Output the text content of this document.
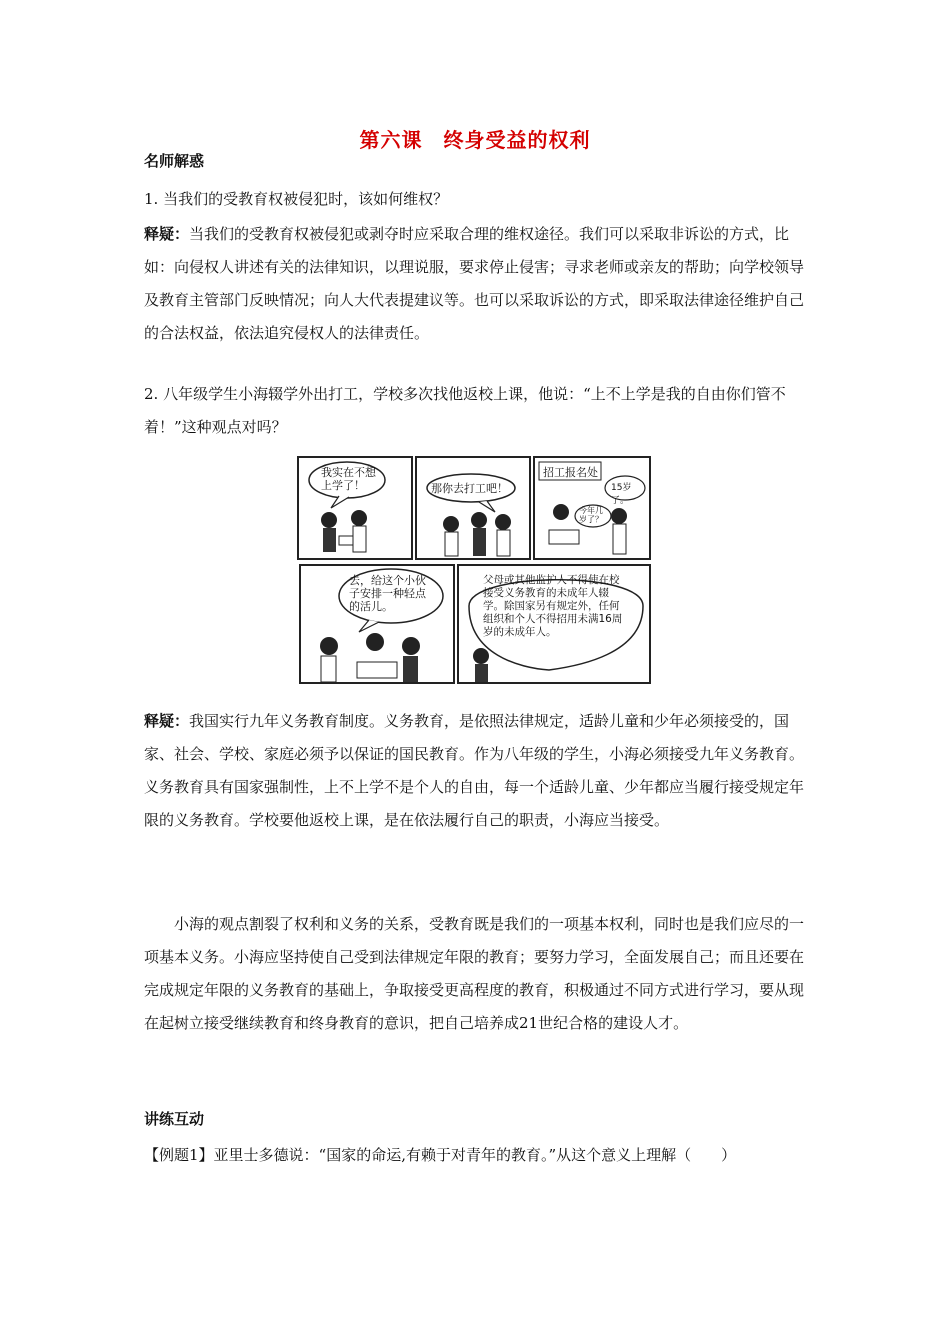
第六课　终身受益的权利
名师解惑
1. 当我们的受教育权被侵犯时，该如何维权？
释疑：当我们的受教育权被侵犯或剥夺时应采取合理的维权途径。我们可以采取非诉讼的方式，比如：向侵权人讲述有关的法律知识，以理说服，要求停止侵害；寻求老师或亲友的帮助；向学校领导及教育主管部门反映情况；向人大代表提建议等。也可以采取诉讼的方式，即采取法律途径维护自己的合法权益，依法追究侵权人的法律责任。
2. 八年级学生小海辍学外出打工，学校多次找他返校上课，他说：“上不上学是我的自由你们管不着！”这种观点对吗？
我实在不想上学了！	那你去打工吧！
招工报名处
15岁了。
今年几岁了？
去，给这个小伙子安排一种轻点的活儿。
父母或其他监护人不得使在校接受义务教育的未成年人辍学。除国家另有规定外，任何组织和个人不得招用未满16周岁的未成年人。
释疑：我国实行九年义务教育制度。义务教育，是依照法律规定，适龄儿童和少年必须接受的，国家、社会、学校、家庭必须予以保证的国民教育。作为八年级的学生，小海必须接受九年义务教育。义务教育具有国家强制性，上不上学不是个人的自由，每一个适龄儿童、少年都应当履行接受规定年限的义务教育。学校要他返校上课，是在依法履行自己的职责，小海应当接受。
小海的观点割裂了权利和义务的关系，受教育既是我们的一项基本权利，同时也是我们应尽的一项基本义务。小海应坚持使自己受到法律规定年限的教育；要努力学习，全面发展自己；而且还要在完成规定年限的义务教育的基础上，争取接受更高程度的教育，积极通过不同方式进行学习，要从现在起树立接受继续教育和终身教育的意识，把自己培养成21世纪合格的建设人才。
讲练互动
【例题1】亚里士多德说：“国家的命运,有赖于对青年的教育。”从这个意义上理解（　　）
